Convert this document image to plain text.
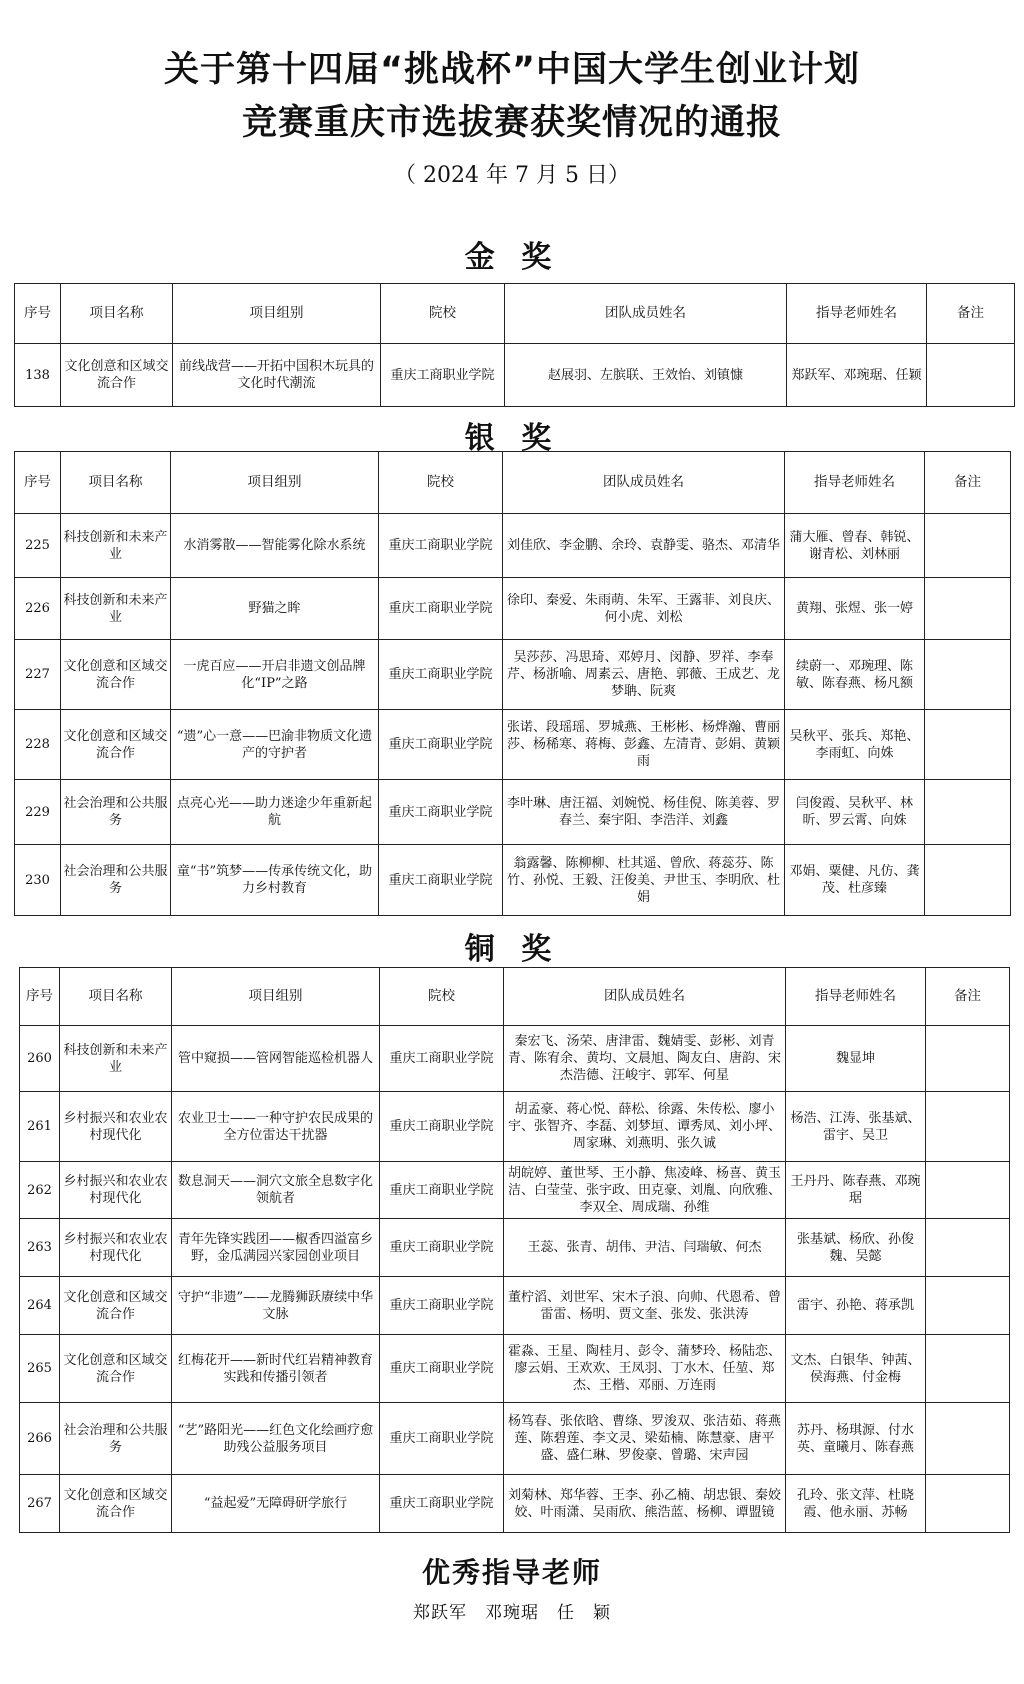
关于第十四届“挑战杯”中国大学生创业计划
竞赛重庆市选拔赛获奖情况的通报
（ 2024 年 7 月 5 日）
金 奖
序号	项目名称	项目组别	院校	团队成员姓名	指导老师姓名	备注
138	文化创意和区域交流合作	前线战营——开拓中国积木玩具的文化时代潮流	重庆工商职业学院	赵展羽、左膑联、王效怡、刘镇慷	郑跃军、邓琬琚、任颖	
银 奖
序号	项目名称	项目组别	院校	团队成员姓名	指导老师姓名	备注
225	科技创新和未来产业	水消雾散——智能雾化除水系统	重庆工商职业学院	刘佳欣、李金鹏、余玲、袁静雯、骆杰、邓清华	蒲大雁、曾春、韩锐、谢青松、刘林丽	
226	科技创新和未来产业	野猫之眸	重庆工商职业学院	徐印、秦爱、朱雨萌、朱军、王露菲、刘良庆、何小虎、刘松	黄翔、张煜、张一婷	
227	文化创意和区域交流合作	一虎百应——开启非遗文创品牌化“IP”之路	重庆工商职业学院	吴莎莎、冯思琦、邓婷月、闵静、罗祥、李奉芹、杨浙喻、周素云、唐艳、郭薇、王成艺、龙梦聃、阮爽	续蔚一、邓琬理、陈敏、陈春燕、杨凡额	
228	文化创意和区域交流合作	“遗”心一意——巴渝非物质文化遗产的守护者	重庆工商职业学院	张诺、段瑶瑶、罗城燕、王彬彬、杨烨瀚、曹丽莎、杨稀寒、蒋梅、彭鑫、左清青、彭娟、黄颖雨	吴秋平、张兵、郑艳、李雨虹、向姝	
229	社会治理和公共服务	点亮心光——助力迷途少年重新起航	重庆工商职业学院	李叶琳、唐汪福、刘婉悦、杨佳倪、陈美蓉、罗春兰、秦宇阳、李浩洋、刘鑫	闫俊霞、吴秋平、林昕、罗云霄、向姝	
230	社会治理和公共服务	童“书”筑梦——传承传统文化，助力乡村教育	重庆工商职业学院	翁露馨、陈柳柳、杜其遥、曾欣、蒋蕊芬、陈竹、孙悦、王毅、汪俊美、尹世玉、李明欣、杜娟	邓娟、粟健、凡仿、龚茂、杜彦臻	
铜 奖
序号	项目名称	项目组别	院校	团队成员姓名	指导老师姓名	备注
260	科技创新和未来产业	管中窥损——管网智能巡检机器人	重庆工商职业学院	秦宏飞、汤荣、唐津雷、魏婧雯、彭彬、刘青青、陈宥余、黄均、文晨旭、陶友白、唐韵、宋杰浩德、汪峻宇、郭军、何星	魏显坤	
261	乡村振兴和农业农村现代化	农业卫士——一种守护农民成果的全方位雷达干扰器	重庆工商职业学院	胡孟豪、蒋心悦、薛松、徐露、朱传松、廖小宇、张智齐、李磊、刘梦垣、谭秀凤、刘小坪、周家琳、刘燕明、张久诚	杨浩、江涛、张基斌、雷宇、吴卫	
262	乡村振兴和农业农村现代化	数息洞天——洞穴文旅全息数字化领航者	重庆工商职业学院	胡皖婷、董世琴、王小静、焦凌峰、杨喜、黄玉洁、白莹莹、张宇政、田克豪、刘胤、向欣雅、李双全、周成瑞、孙维	王丹丹、陈春燕、邓琬琚	
263	乡村振兴和农业农村现代化	青年先锋实践团——椒香四溢富乡野，金瓜满园兴家园创业项目	重庆工商职业学院	王蕊、张青、胡伟、尹洁、闫瑞敏、何杰	张基斌、杨欣、孙俊魏、吴懿	
264	文化创意和区域交流合作	守护“非遗”——龙腾狮跃赓续中华文脉	重庆工商职业学院	董柠滔、刘世军、宋木子浪、向帅、代恩希、曾雷雷、杨明、贾文奎、张发、张洪涛	雷宇、孙艳、蒋承凯	
265	文化创意和区域交流合作	红梅花开——新时代红岩精神教育实践和传播引领者	重庆工商职业学院	霍淼、王星、陶桂月、彭令、蒲梦玲、杨陆恋、廖云娟、王欢欢、王凤羽、丁水木、任堃、郑杰、王楷、邓丽、万连雨	文杰、白银华、钟茜、侯海燕、付金梅	
266	社会治理和公共服务	“艺”路阳光——红色文化绘画疗愈助残公益服务项目	重庆工商职业学院	杨笃春、张依晗、曹绦、罗浚双、张洁茹、蒋燕莲、陈碧莲、李文灵、梁茹楠、陈慧豪、唐平盛、盛仁琳、罗俊豪、曾璐、宋声园	苏丹、杨琪源、付水英、童曦月、陈春燕	
267	文化创意和区域交流合作	“益起爱”无障碍研学旅行	重庆工商职业学院	刘菊林、郑华蓉、王李、孙乙楠、胡忠银、秦姣姣、叶雨潇、吴雨欣、熊浩蓝、杨柳、谭盟镜	孔玲、张文萍、杜晓霞、他永丽、苏畅	
优秀指导老师
郑跃军　邓琬琚　任　颖
